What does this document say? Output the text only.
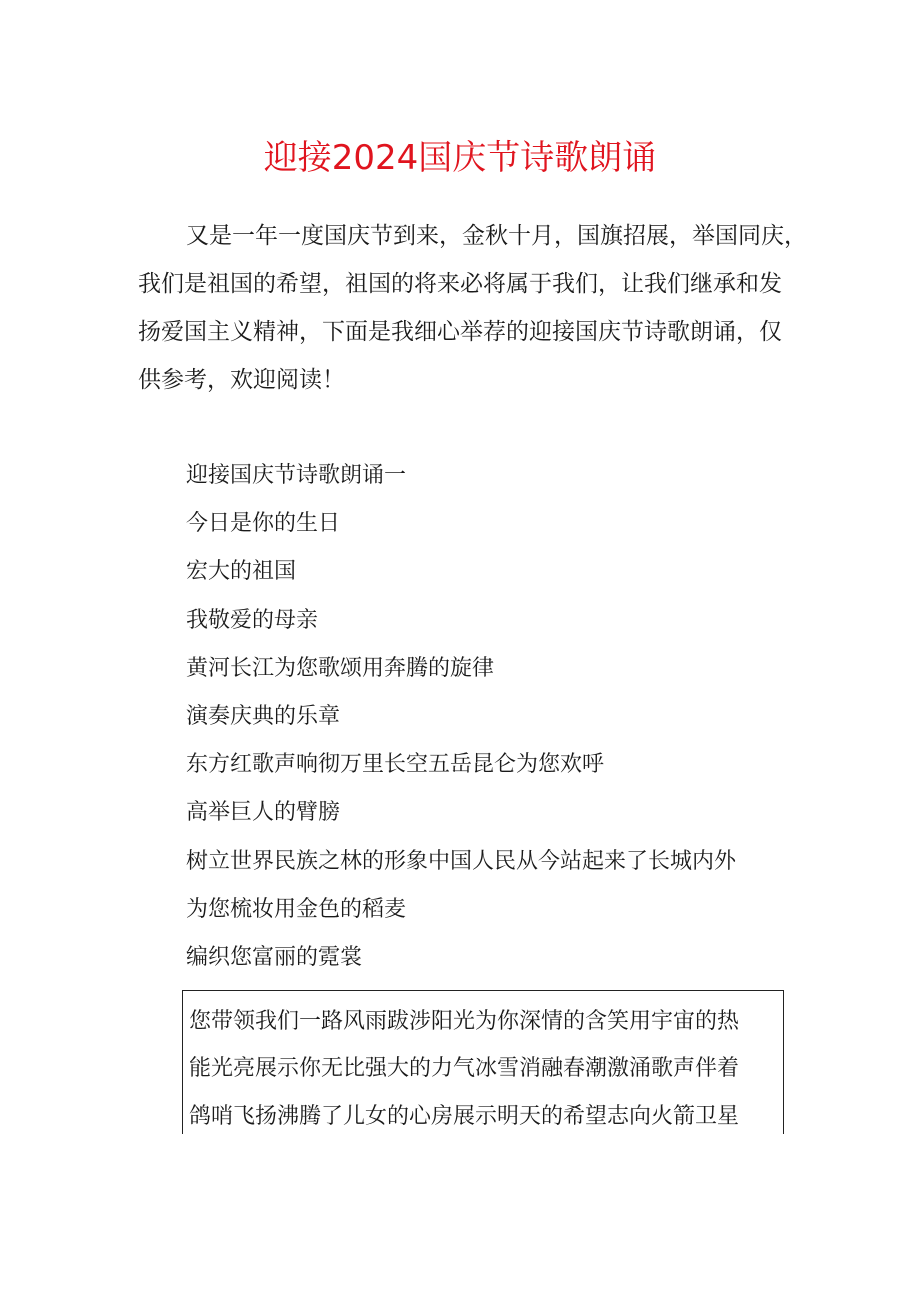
迎接2024国庆节诗歌朗诵
又是一年一度国庆节到来，金秋十月，国旗招展，举国同庆，
我们是祖国的希望，祖国的将来必将属于我们，让我们继承和发
扬爱国主义精神，下面是我细心举荐的迎接国庆节诗歌朗诵，仅
供参考，欢迎阅读！
迎接国庆节诗歌朗诵一
今日是你的生日
宏大的祖国
我敬爱的母亲
黄河长江为您歌颂用奔腾的旋律
演奏庆典的乐章
东方红歌声响彻万里长空五岳昆仑为您欢呼
高举巨人的臂膀
树立世界民族之林的形象中国人民从今站起来了长城内外
为您梳妆用金色的稻麦
编织您富丽的霓裳
您带领我们一路风雨跋涉阳光为你深情的含笑用宇宙的热
能光亮展示你无比强大的力气冰雪消融春潮激涌歌声伴着
鸽哨飞扬沸腾了儿女的心房展示明天的希望志向火箭卫星
